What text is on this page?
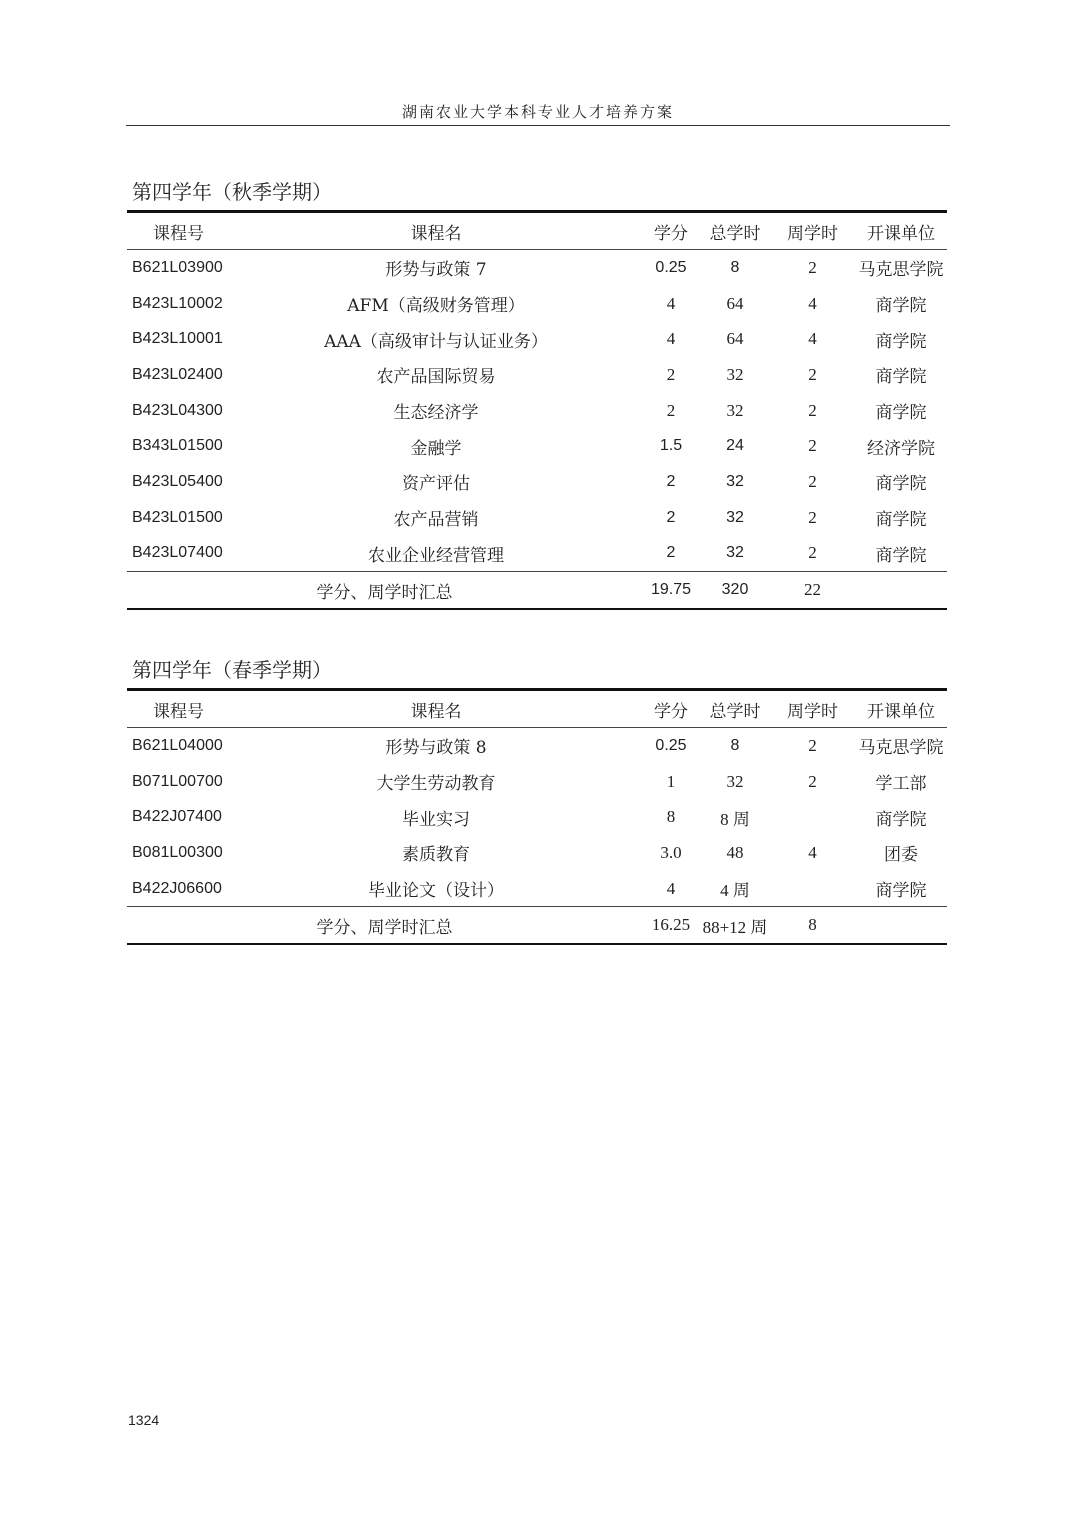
湖南农业大学本科专业人才培养方案
第四学年（秋季学期）
课程号	课程名	学分	总学时	周学时	开课单位
B621L03900	形势与政策 7	0.25	8	2	马克思学院
B423L10002	AFM（高级财务管理）	4	64	4	商学院
B423L10001	AAA（高级审计与认证业务）	4	64	4	商学院
B423L02400	农产品国际贸易	2	32	2	商学院
B423L04300	生态经济学	2	32	2	商学院
B343L01500	金融学	1.5	24	2	经济学院
B423L05400	资产评估	2	32	2	商学院
B423L01500	农产品营销	2	32	2	商学院
B423L07400	农业企业经营管理	2	32	2	商学院
学分、周学时汇总		19.75	320	22	
第四学年（春季学期）
课程号	课程名	学分	总学时	周学时	开课单位
B621L04000	形势与政策 8	0.25	8	2	马克思学院
B071L00700	大学生劳动教育	1	32	2	学工部
B422J07400	毕业实习	8	8 周		商学院
B081L00300	素质教育	3.0	48	4	团委
B422J06600	毕业论文（设计）	4	4 周		商学院
学分、周学时汇总		16.25	88+12 周	8	
1324
